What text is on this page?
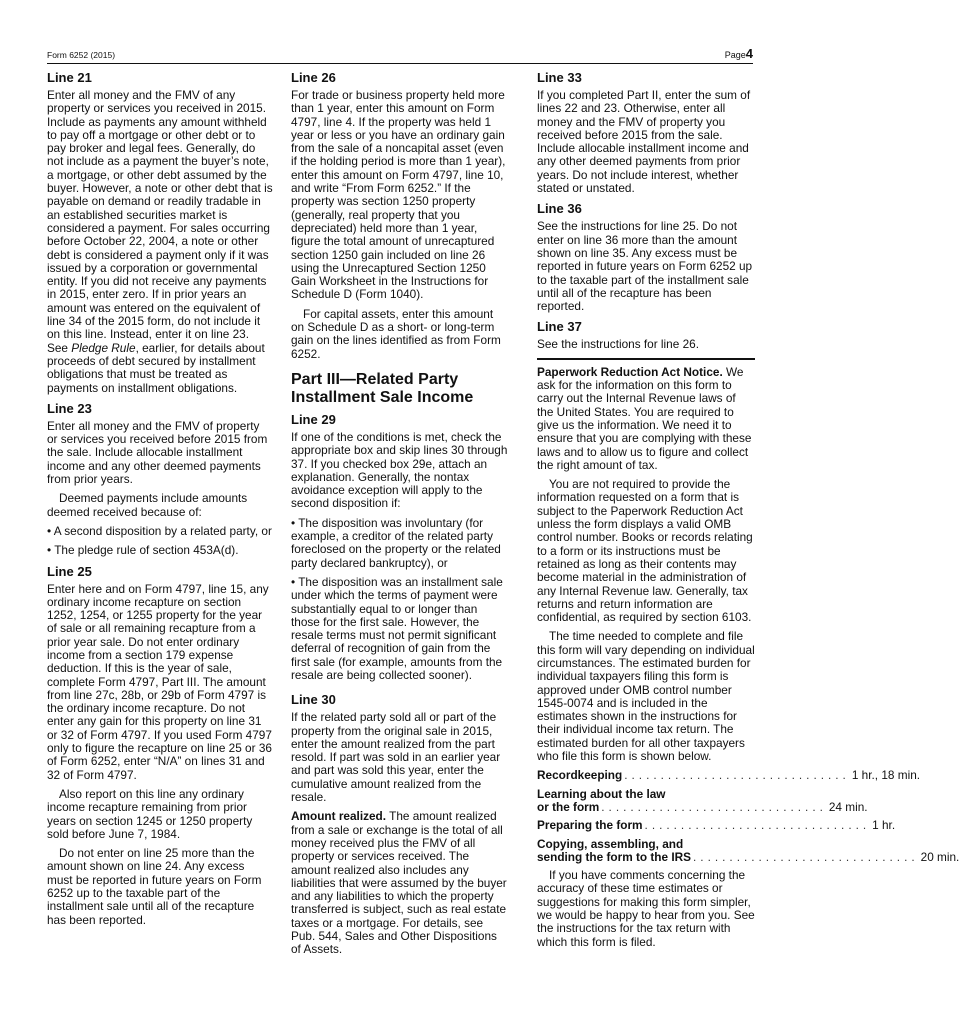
Form 6252 (2015)	Page4
Line 21

Enter all money and the FMV of any property or services you received in 2015. Include as payments any amount withheld to pay off a mortgage or other debt or to pay broker and legal fees. Generally, do not include as a payment the buyer’s note, a mortgage, or other debt assumed by the buyer. However, a note or other debt that is payable on demand or readily tradable in an established securities market is considered a payment. For sales occurring before October 22, 2004, a note or other debt is considered a payment only if it was issued by a corporation or governmental entity. If you did not receive any payments in 2015, enter zero. If in prior years an amount was entered on the equivalent of line 34 of the 2015 form, do not include it on this line. Instead, enter it on line 23. See Pledge Rule, earlier, for details about proceeds of debt secured by installment obligations that must be treated as payments on installment obligations.

Line 23

Enter all money and the FMV of property or services you received before 2015 from the sale. Include allocable installment income and any other deemed payments from prior years.

Deemed payments include amounts deemed received because of:

• A second disposition by a related party, or

• The pledge rule of section 453A(d).

Line 25

Enter here and on Form 4797, line 15, any ordinary income recapture on section 1252, 1254, or 1255 property for the year of sale or all remaining recapture from a prior year sale. Do not enter ordinary income from a section 179 expense deduction. If this is the year of sale, complete Form 4797, Part III. The amount from line 27c, 28b, or 29b of Form 4797 is the ordinary income recapture. Do not enter any gain for this property on line 31 or 32 of Form 4797. If you used Form 4797 only to figure the recapture on line 25 or 36 of Form 6252, enter “N/A” on lines 31 and 32 of Form 4797.

Also report on this line any ordinary income recapture remaining from prior years on section 1245 or 1250 property sold before June 7, 1984.

Do not enter on line 25 more than the amount shown on line 24. Any excess must be reported in future years on Form 6252 up to the taxable part of the installment sale until all of the recapture has been reported.

Line 26

For trade or business property held more than 1 year, enter this amount on Form 4797, line 4. If the property was held 1 year or less or you have an ordinary gain from the sale of a noncapital asset (even if the holding period is more than 1 year), enter this amount on Form 4797, line 10, and write “From Form 6252.” If the property was section 1250 property (generally, real property that you depreciated) held more than 1 year, figure the total amount of unrecaptured section 1250 gain included on line 26 using the Unrecaptured Section 1250 Gain Worksheet in the Instructions for Schedule D (Form 1040).

For capital assets, enter this amount on Schedule D as a short- or long-term gain on the lines identified as from Form 6252.

Part III—Related Party Installment Sale Income
Line 29

If one of the conditions is met, check the appropriate box and skip lines 30 through 37. If you checked box 29e, attach an explanation. Generally, the nontax avoidance exception will apply to the second disposition if:

• The disposition was involuntary (for example, a creditor of the related party foreclosed on the property or the related party declared bankruptcy), or

• The disposition was an installment sale under which the terms of payment were substantially equal to or longer than those for the first sale. However, the resale terms must not permit significant deferral of recognition of gain from the first sale (for example, amounts from the resale are being collected sooner).

Line 30

If the related party sold all or part of the property from the original sale in 2015, enter the amount realized from the part resold. If part was sold in an earlier year and part was sold this year, enter the cumulative amount realized from the resale.

Amount realized. The amount realized from a sale or exchange is the total of all money received plus the FMV of all property or services received. The amount realized also includes any liabilities that were assumed by the buyer and any liabilities to which the property transferred is subject, such as real estate taxes or a mortgage. For details, see Pub. 544, Sales and Other Dispositions of Assets.

Line 33

If you completed Part II, enter the sum of lines 22 and 23. Otherwise, enter all money and the FMV of property you received before 2015 from the sale. Include allocable installment income and any other deemed payments from prior years. Do not include interest, whether stated or unstated.

Line 36

See the instructions for line 25. Do not enter on line 36 more than the amount shown on line 35. Any excess must be reported in future years on Form 6252 up to the taxable part of the installment sale until all of the recapture has been reported.

Line 37

See the instructions for line 26.

Paperwork Reduction Act Notice. We ask for the information on this form to carry out the Internal Revenue laws of the United States. You are required to give us the information. We need it to ensure that you are complying with these laws and to allow us to figure and collect the right amount of tax.

You are not required to provide the information requested on a form that is subject to the Paperwork Reduction Act unless the form displays a valid OMB control number. Books or records relating to a form or its instructions must be retained as long as their contents may become material in the administration of any Internal Revenue law. Generally, tax returns and return information are confidential, as required by section 6103.

The time needed to complete and file this form will vary depending on individual circumstances. The estimated burden for individual taxpayers filing this form is approved under OMB control number 1545-0074 and is included in the estimates shown in the instructions for their individual income tax return. The estimated burden for all other taxpayers who file this form is shown below.

Recordkeeping ............................... 1 hr., 18 min.
Learning about the law
or the form ............................... 24 min.
Preparing the form ............................... 1 hr.
Copying, assembling, and
sending the form to the IRS ............................... 20 min.

If you have comments concerning the accuracy of these time estimates or suggestions for making this form simpler, we would be happy to hear from you. See the instructions for the tax return with which this form is filed.
